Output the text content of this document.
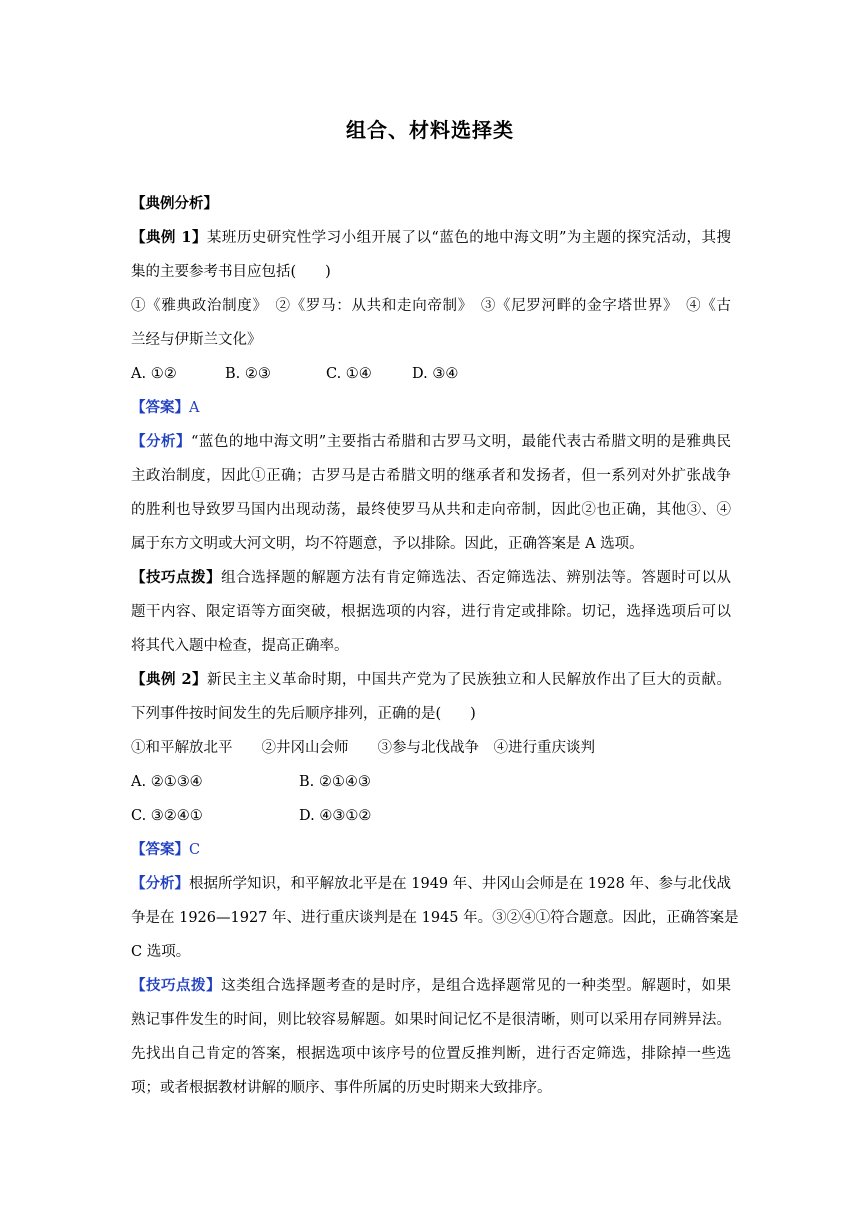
组合、材料选择类
【典例分析】
【典例 1】某班历史研究性学习小组开展了以“蓝色的地中海文明”为主题的探究活动，其搜
集的主要参考书目应包括(　　)
①《雅典政治制度》　②《罗马：从共和走向帝制》　③《尼罗河畔的金字塔世界》　④《古
兰经与伊斯兰文化》
A. ①②	B. ②③	C. ①④	D. ③④
【答案】A
【分析】“蓝色的地中海文明”主要指古希腊和古罗马文明，最能代表古希腊文明的是雅典民
主政治制度，因此①正确；古罗马是古希腊文明的继承者和发扬者，但一系列对外扩张战争
的胜利也导致罗马国内出现动荡，最终使罗马从共和走向帝制，因此②也正确，其他③、④
属于东方文明或大河文明，均不符题意，予以排除。因此，正确答案是 A 选项。
【技巧点拨】组合选择题的解题方法有肯定筛选法、否定筛选法、辨别法等。答题时可以从
题干内容、限定语等方面突破，根据选项的内容，进行肯定或排除。切记，选择选项后可以
将其代入题中检查，提高正确率。
【典例 2】新民主主义革命时期，中国共产党为了民族独立和人民解放作出了巨大的贡献。
下列事件按时间发生的先后顺序排列，正确的是(　　)
①和平解放北平　　②井冈山会师　　③参与北伐战争　④进行重庆谈判
A. ②①③④	B. ②①④③
C. ③②④①	D. ④③①②
【答案】C
【分析】根据所学知识，和平解放北平是在 1949 年、井冈山会师是在 1928 年、参与北伐战
争是在 1926—1927 年、进行重庆谈判是在 1945 年。③②④①符合题意。因此，正确答案是
C 选项。
【技巧点拨】这类组合选择题考查的是时序，是组合选择题常见的一种类型。解题时，如果
熟记事件发生的时间，则比较容易解题。如果时间记忆不是很清晰，则可以采用存同辨异法。
先找出自己肯定的答案，根据选项中该序号的位置反推判断，进行否定筛选，排除掉一些选
项；或者根据教材讲解的顺序、事件所属的历史时期来大致排序。
